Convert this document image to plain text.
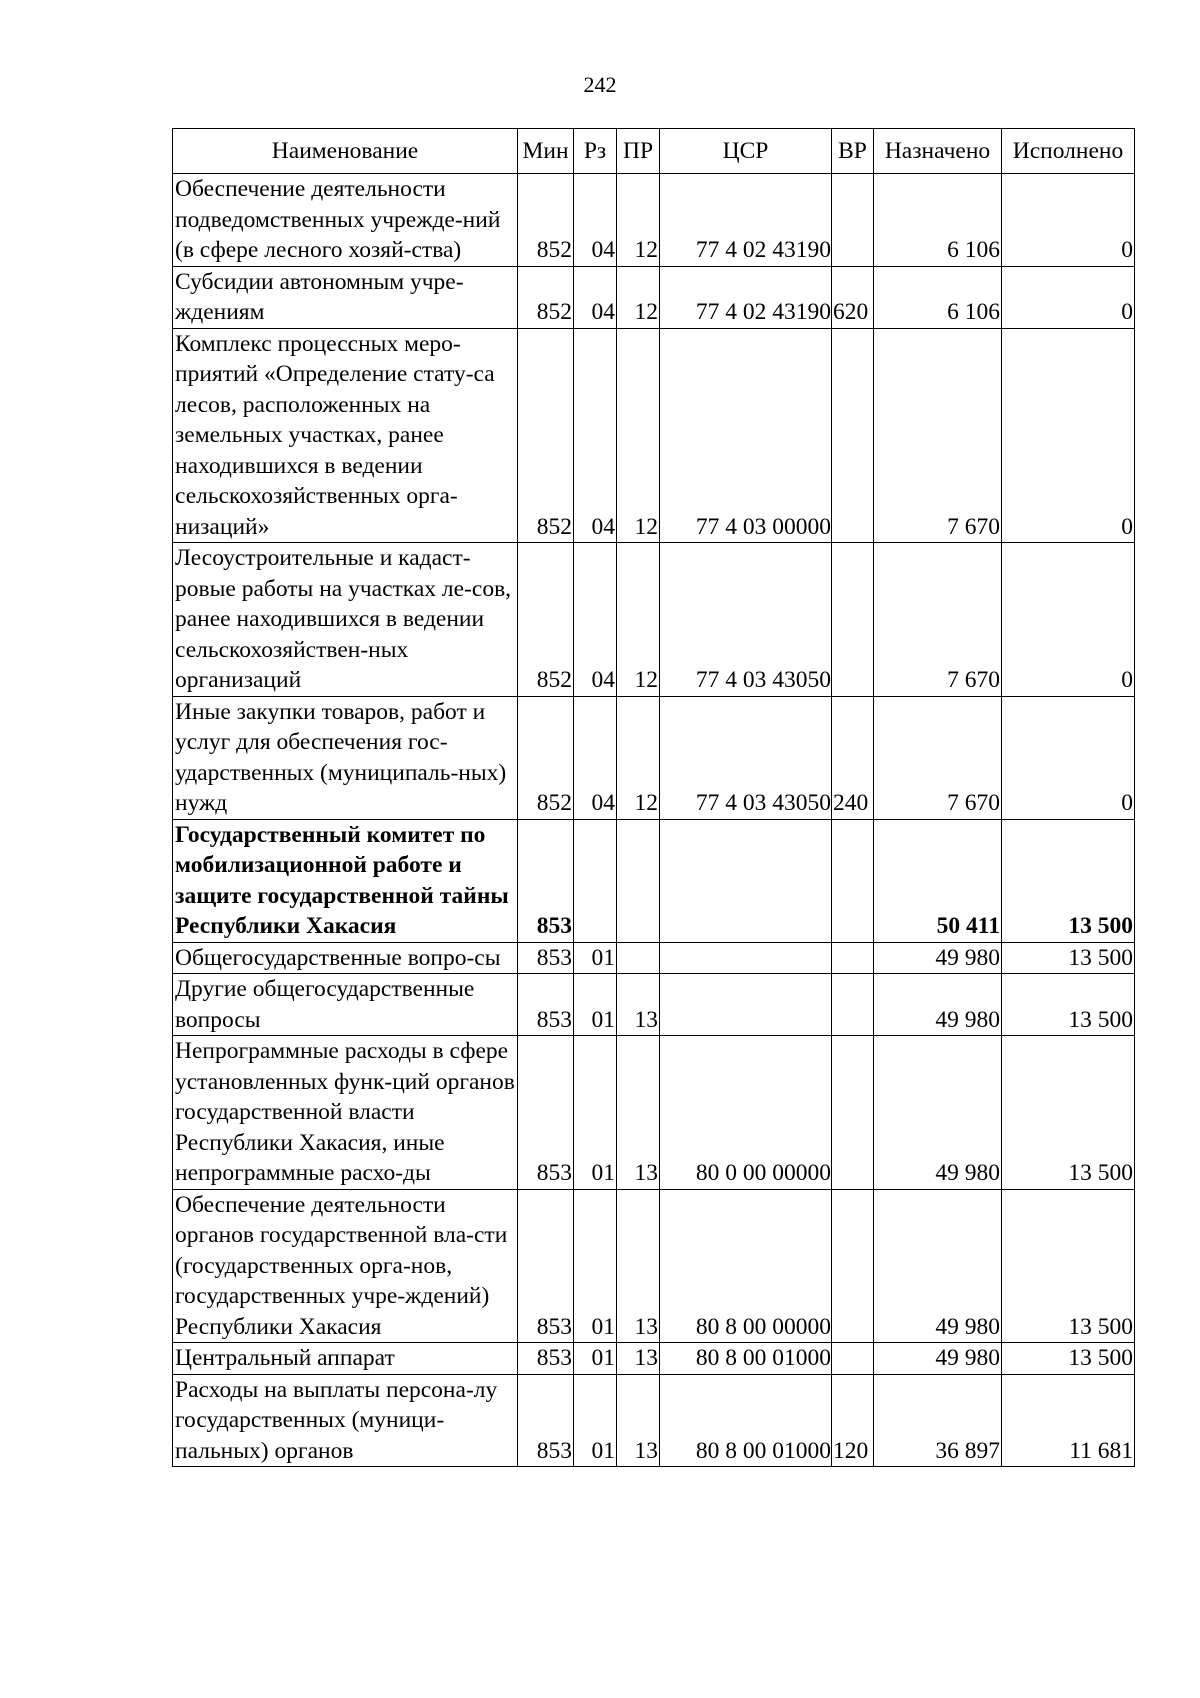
242
Наименование	Мин	Рз	ПР	ЦСР	ВР	Назначено	Исполнено
Обеспечение деятельности подведомственных учрежде-ний (в сфере лесного хозяй-ства)	852	04	12	77 4 02 43190		6 106	0
Субсидии автономным учре-ждениям	852	04	12	77 4 02 43190	620	6 106	0
Комплекс процессных меро-приятий «Определение стату-са лесов, расположенных на земельных участках, ранее находившихся в ведении сельскохозяйственных орга-низаций»	852	04	12	77 4 03 00000		7 670	0
Лесоустроительные и кадаст-ровые работы на участках ле-сов, ранее находившихся в ведении сельскохозяйствен-ных организаций	852	04	12	77 4 03 43050		7 670	0
Иные закупки товаров, работ и услуг для обеспечения гос-ударственных (муниципаль-ных) нужд	852	04	12	77 4 03 43050	240	7 670	0
Государственный комитет по мобилизационной работе и защите государственной тайны Республики Хакасия	853					50 411	13 500
Общегосударственные вопро-сы	853	01				49 980	13 500
Другие общегосударственные вопросы	853	01	13			49 980	13 500
Непрограммные расходы в сфере установленных функ-ций органов государственной власти Республики Хакасия, иные непрограммные расхо-ды	853	01	13	80 0 00 00000		49 980	13 500
Обеспечение деятельности органов государственной вла-сти (государственных орга-нов, государственных учре-ждений) Республики Хакасия	853	01	13	80 8 00 00000		49 980	13 500
Центральный аппарат	853	01	13	80 8 00 01000		49 980	13 500
Расходы на выплаты персона-лу государственных (муници-пальных) органов	853	01	13	80 8 00 01000	120	36 897	11 681
